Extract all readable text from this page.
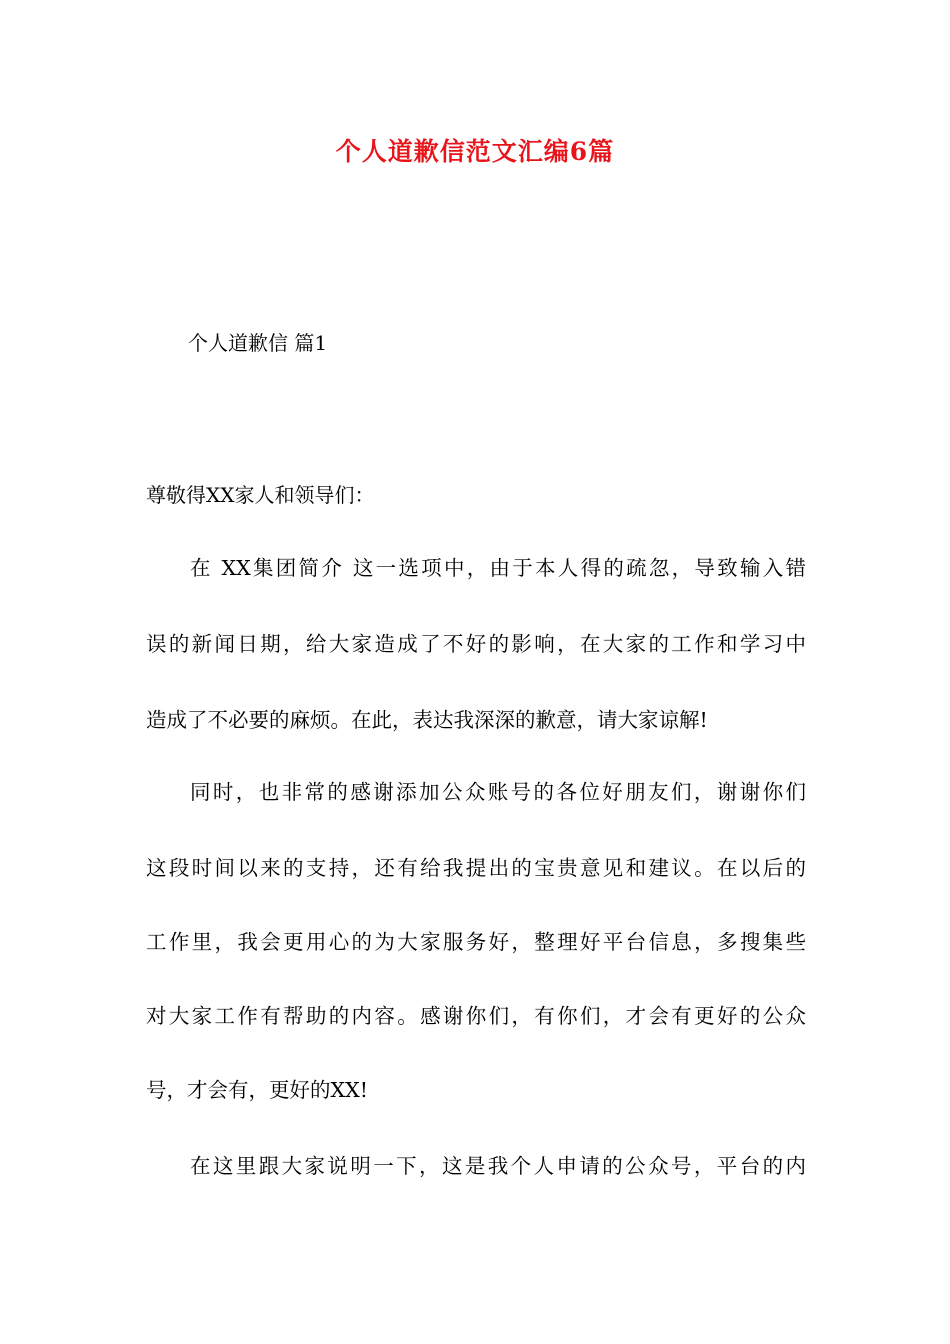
个人道歉信范文汇编6篇

个人道歉信 篇1

尊敬得XX家人和领导们：

在 XX集团简介 这一选项中，由于本人得的疏忽，导致输入错

误的新闻日期，给大家造成了不好的影响，在大家的工作和学习中

造成了不必要的麻烦。在此，表达我深深的歉意，请大家谅解!

同时，也非常的感谢添加公众账号的各位好朋友们，谢谢你们

这段时间以来的支持，还有给我提出的宝贵意见和建议。在以后的

工作里，我会更用心的为大家服务好，整理好平台信息，多搜集些

对大家工作有帮助的内容。感谢你们，有你们，才会有更好的公众

号，才会有，更好的XX!

在这里跟大家说明一下，这是我个人申请的公众号，平台的内
